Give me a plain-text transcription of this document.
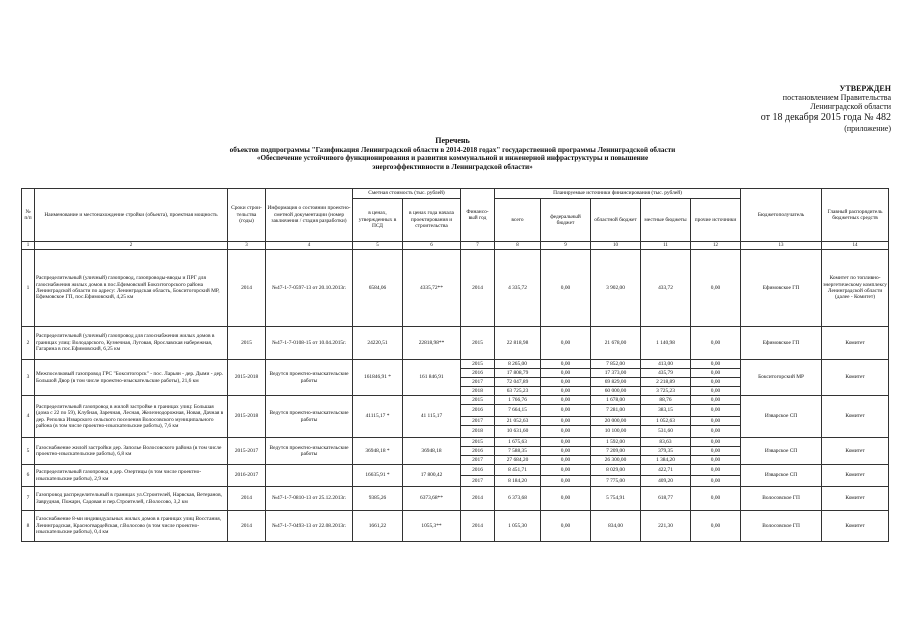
УТВЕРЖДЕН
постановлением Правительства
Ленинградской области
от 18 декабря 2015 года № 482
(приложение)
Перечень
объектов подпрограммы "Газификация Ленинградской области в 2014-2018 годах" государственной программы Ленинградской области
«Обеспечение устойчивого функционирования и развития коммунальной и инженерной инфраструктуры и повышение
энергоэффективности в Ленинградской области»
№ п/п	Наименование и местонахождение стройки (объекта), проектная мощность	Сроки строи-тельства (годы)	Информация о состоянии проектно-сметной документации (номер заключения / стадия разработки)	Сметная стоимость (тыс. рублей)		Финансо-вый год	Планируемые источники финансирования (тыс. рублей)					Бюджетополучатель	Главный распорядитель бюджетных средств
				в ценах, утвержденных в ПСД	в ценах года начала проектирования и строительства		всего	федеральный бюджет	областной бюджет	местные бюджеты	прочие источники		
1	2	3	4	5	6	7	8	9	10	11	12	13	14
1	Распределительный (уличный) газопровод, газопроводы-вводы и ПРГ для газоснабжения жилых домов в пос.Ефимовский Бокситогорского района Ленинградской области по адресу: Ленинградская область, Бокситогорский МР, Ефимовское ГП, пос.Ефимовский, 4,25 км	2014	№47-1-7-0597-13 от 20.10.2013г.	6584,06	4335,72**	2014	4 335,72	0,00	3 902,00	433,72	0,00	Ефимовское ГП	Комитет по топливно-энергетическому комплексу Ленинградской области (далее - Комитет)
2	Распределительный (уличный) газопровод для газоснабжения жилых домов в границах улиц: Володарского, Кузнечная, Луговая, Ярославская набережная, Гагарина в пос.Ефимовский, 6,25 км	2015	№47-1-7-0108-15 от 10.04.2015г.	24220,51	22818,98**	2015	22 818,98	0,00	21 678,00	1 140,98	0,00	Ефимовское ГП	Комитет
3	Межпоселковый газопровод ГРС "Бокситогорск" - пос. Ларьян - дер. Дыми - дер. Большой Двор (в том числе проектно-изыскательские работы), 21,6 км	2015-2018	Ведутся проектно-изыскательские работы	161846,91 *	161 846,91	2015	8 265,00	0,00	7 852,00	413,00	0,00	Бокситогорский МР	Комитет
						2016	17 808,79	0,00	17 373,00	435,79	0,00		
						2017	72 047,89	0,00	69 829,00	2 218,89	0,00		
						2018	63 725,23	0,00	60 000,00	3 725,23	0,00		
4	Распределительный газопровод в жилой застройке в границах улиц: Большая (дома с 22 по 59), Клубная, Заречная, Лесная, Железнодорожная, Новая, Дачная в дер. Реполка Изварского сельского поселения Волосовского муниципального района (в том числе проектно-изыскательские работы), 7,6 км	2015-2018	Ведутся проектно-изыскательские работы	41115,17 *	41 115,17	2015	1 766,76	0,00	1 678,00	88,76	0,00	Изварское СП	Комитет
						2016	7 664,15	0,00	7 281,00	383,15	0,00		
						2017	21 052,63	0,00	20 000,00	1 052,63	0,00		
						2018	10 631,60	0,00	10 100,00	531,60	0,00		
5	Газоснабжение жилой застройки дер. Заполье Волосовского района (в том числе проектно-изыскательские работы), 6,8 км	2015-2017	Ведутся проектно-изыскательские работы	36948,18 *	36948,18	2015	1 675,63	0,00	1 592,00	83,63	0,00	Изварское СП	Комитет
						2016	7 588,35	0,00	7 209,00	379,35	0,00		
						2017	27 684,20	0,00	26 300,00	1 384,20	0,00		
6	Распределительный газопровод в дер. Озертицы (в том числе проектно-изыскательские работы), 2,9 км	2016-2017		16635,91 *	17 800,42	2016	8 451,71	0,00	8 029,00	422,71	0,00	Изварское СП	Комитет
						2017	8 184,20	0,00	7 775,00	409,20	0,00		
7	Газопровод распределительный в границах ул.Строителей, Нарвская, Ветеранов, Заврудная, Пожарн, Садовая и пер.Строителей, г.Волосово, 3,2 км	2014	№47-1-7-0810-13 от 25.12.2013г.	9385,26	6373,68**	2014	6 373,68	0,00	5 754,91	618,77	0,00	Волосовское ГП	Комитет
8	Газоснабжение 8-ми индивидуальных жилых домов в границах улиц Восстания, Ленинградская, Красногвардейская, г.Волосово (в том числе проектно-изыскательские работы), 0,4 км	2014	№47-1-7-0493-13 от 22.08.2013г.	1661,22	1055,3**	2014	1 055,30	0,00	834,00	221,30	0,00	Волосовское ГП	Комитет
